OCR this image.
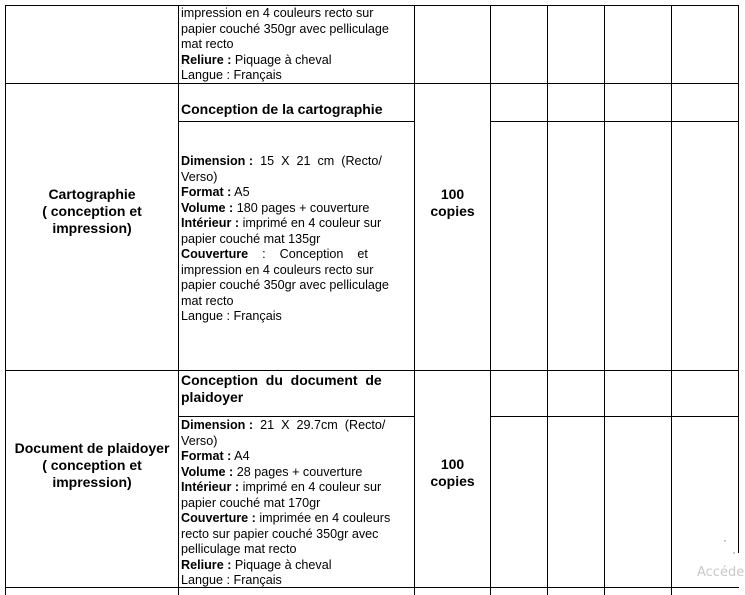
impression en 4 couleurs recto sur
papier couché 350gr avec pelliculage
mat recto
Reliure : Piquage à cheval
Langue : Français
Cartographie
( conception et
impression)
Conception de la cartographie
Dimension :  15  X  21  cm  (Recto/
Verso)
Format : A5
Volume : 180 pages + couverture
Intérieur : imprimé en 4 couleur sur
papier couché mat 135gr
Couverture    :    Conception    et
impression en 4 couleurs recto sur
papier couché 350gr avec pelliculage
mat recto
Langue : Français
100
copies
Document de plaidoyer
( conception et
impression)
Conception  du  document  de
plaidoyer
Dimension :  21  X  29.7cm  (Recto/
Verso)
Format : A4
Volume : 28 pages + couverture
Intérieur : imprimé en 4 couleur sur
papier couché mat 170gr
Couverture : imprimée en 4 couleurs
recto sur papier couché 350gr avec
pelliculage mat recto
Reliure : Piquage à cheval
Langue : Français
100
copies
Accéde
